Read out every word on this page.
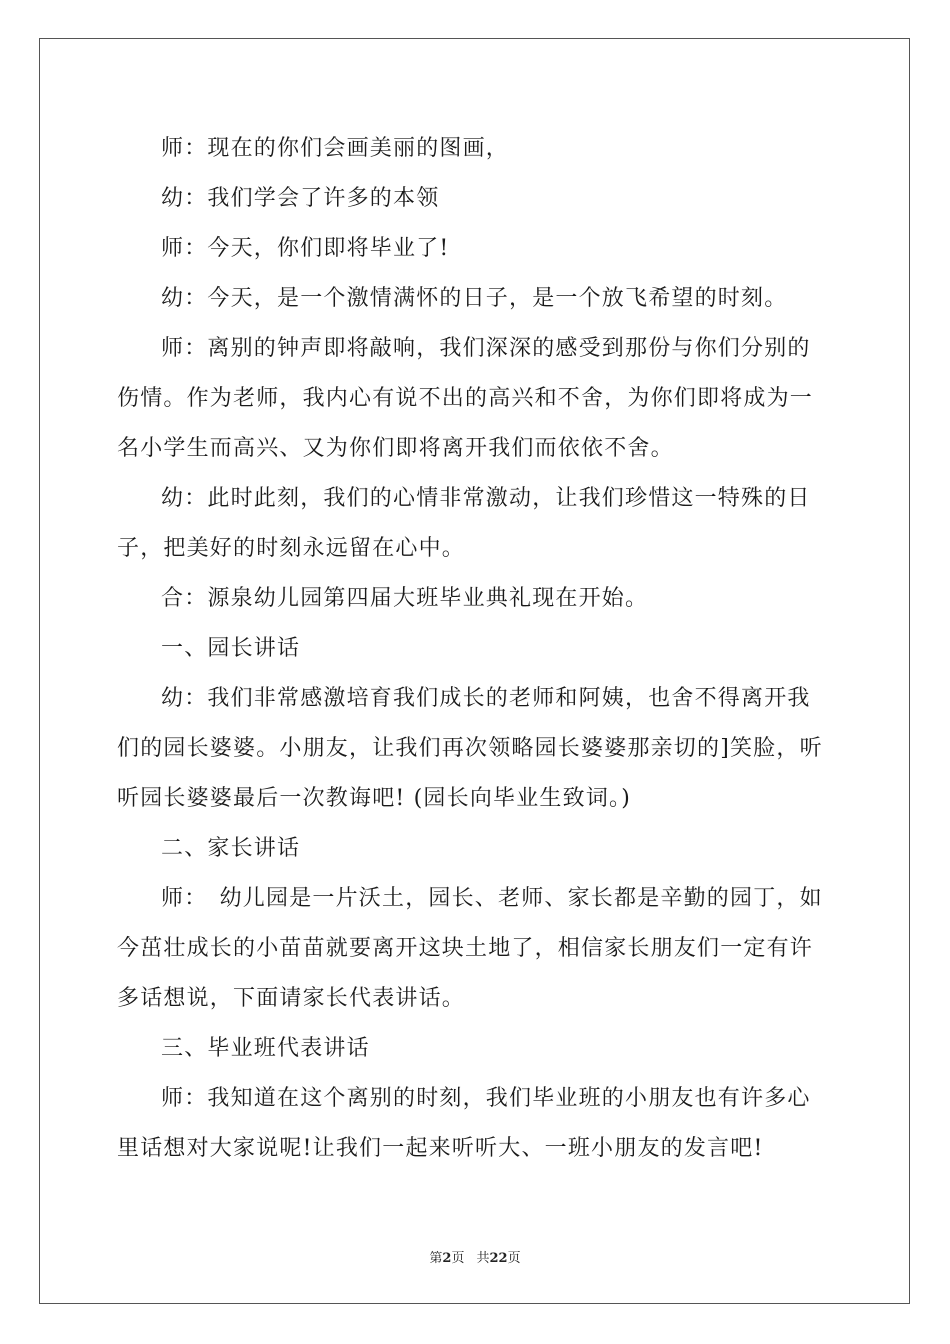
师：现在的你们会画美丽的图画，

幼：我们学会了许多的本领

师：今天，你们即将毕业了!

幼：今天，是一个激情满怀的日子，是一个放飞希望的时刻。

师：离别的钟声即将敲响，我们深深的感受到那份与你们分别的伤情。作为老师，我内心有说不出的高兴和不舍，为你们即将成为一名小学生而高兴、又为你们即将离开我们而依依不舍。

幼：此时此刻，我们的心情非常激动，让我们珍惜这一特殊的日子，把美好的时刻永远留在心中。

合：源泉幼儿园第四届大班毕业典礼现在开始。

一、园长讲话

幼：我们非常感激培育我们成长的老师和阿姨，也舍不得离开我们的园长婆婆。小朋友，让我们再次领略园长婆婆那亲切的]笑脸，听听园长婆婆最后一次教诲吧! (园长向毕业生致词。)

二、家长讲话

师：　幼儿园是一片沃土，园长、老师、家长都是辛勤的园丁，如今茁壮成长的小苗苗就要离开这块土地了，相信家长朋友们一定有许多话想说，下面请家长代表讲话。

三、毕业班代表讲话

师：我知道在这个离别的时刻，我们毕业班的小朋友也有许多心里话想对大家说呢!让我们一起来听听大、一班小朋友的发言吧!

第2页 共22页
